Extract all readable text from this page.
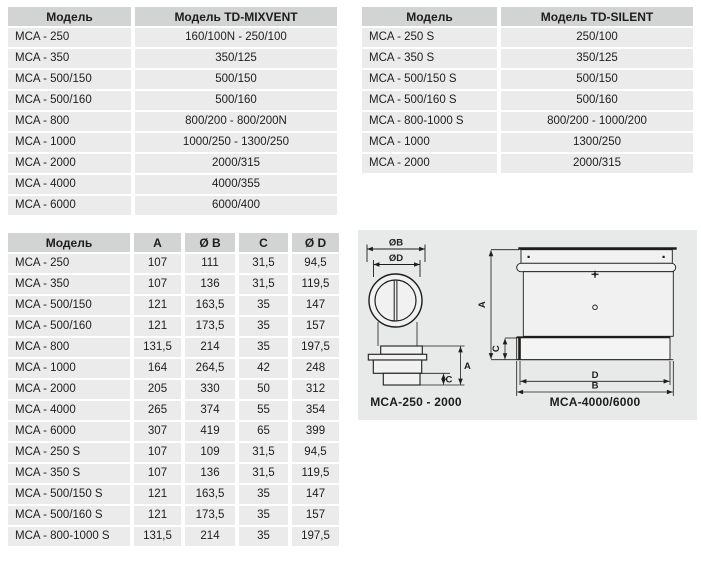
Модель	Модель TD-MIXVENT
MCA - 250	160/100N - 250/100
MCA - 350	350/125
MCA - 500/150	500/150
MCA - 500/160	500/160
MCA - 800	800/200 - 800/200N
MCA - 1000	1000/250 - 1300/250
MCA - 2000	2000/315
MCA - 4000	4000/355
MCA - 6000	6000/400
Модель	Модель TD-SILENT
MCA - 250 S	250/100
MCA - 350 S	350/125
MCA - 500/150 S	500/150
MCA - 500/160 S	500/160
MCA - 800-1000 S	800/200 - 1000/200
MCA - 1000	1300/250
MCA - 2000	2000/315
Модель	A	Ø B	C	Ø D
MCA - 250	107	111	31,5	94,5
MCA - 350	107	136	31,5	119,5
MCA - 500/150	121	163,5	35	147
MCA - 500/160	121	173,5	35	157
MCA - 800	131,5	214	35	197,5
MCA - 1000	164	264,5	42	248
MCA - 2000	205	330	50	312
MCA - 4000	265	374	55	354
MCA - 6000	307	419	65	399
MCA - 250 S	107	109	31,5	94,5
MCA - 350 S	107	136	31,5	119,5
MCA - 500/150 S	121	163,5	35	147
MCA - 500/160 S	121	173,5	35	157
MCA - 800-1000 S	131,5	214	35	197,5
ØB
ØD
A
C
MCA-250 - 2000
A
C
D
B
MCA-4000/6000
